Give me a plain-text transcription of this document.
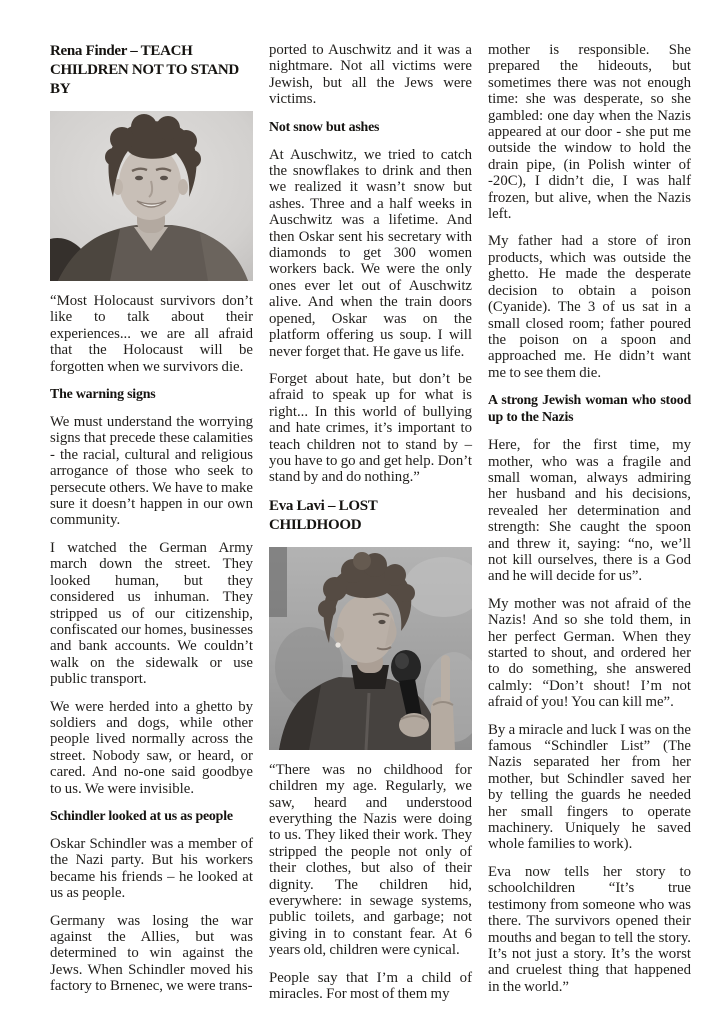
Rena Finder – TEACH CHILDREN NOT TO STAND BY

“Most Holocaust survivors don’t like to talk about their experiences... we are all afraid that the Holocaust will be forgotten when we survivors die.

The warning signs

We must understand the worrying signs that precede these calamities - the racial, cultural and religious arrogance of those who seek to persecute others. We have to make sure it doesn’t happen in our own community.

I watched the German Army march down the street. They looked human, but they considered us inhuman. They stripped us of our citizenship, confiscated our homes, businesses and bank accounts. We couldn’t walk on the sidewalk or use public transport.

We were herded into a ghetto by soldiers and dogs, while other people lived normally across the street. Nobody saw, or heard, or cared. And no-one said goodbye to us. We were invisible.

Schindler looked at us as people

Oskar Schindler was a member of the Nazi party. But his workers became his friends – he looked at us as people.

Germany was losing the war against the Allies, but was determined to win against the Jews. When Schindler moved his factory to Brnenec, we were trans-

ported to Auschwitz and it was a nightmare. Not all victims were Jewish, but all the Jews were victims.

Not snow but ashes

At Auschwitz, we tried to catch the snowflakes to drink and then we realized it wasn’t snow but ashes. Three and a half weeks in Auschwitz was a lifetime. And then Oskar sent his secretary with diamonds to get 300 women workers back. We were the only ones ever let out of Auschwitz alive. And when the train doors opened, Oskar was on the platform offering us soup. I will never forget that. He gave us life.

Forget about hate, but don’t be afraid to speak up for what is right... In this world of bullying and hate crimes, it’s important to teach children not to stand by – you have to go and get help. Don’t stand by and do nothing.”

Eva Lavi – LOST CHILDHOOD

“There was no childhood for children my age. Regularly, we saw, heard and understood everything the Nazis were doing to us. They liked their work. They stripped the people not only of their clothes, but also of their dignity. The children hid, everywhere: in sewage systems, public toilets, and garbage; not giving in to constant fear. At 6 years old, children were cynical.

People say that I’m a child of miracles. For most of them my

mother is responsible. She prepared the hideouts, but sometimes there was not enough time: she was desperate, so she gambled: one day when the Nazis appeared at our door - she put me outside the window to hold the drain pipe, (in Polish winter of -20C), I didn’t die, I was half frozen, but alive, when the Nazis left.

My father had a store of iron products, which was outside the ghetto. He made the desperate decision to obtain a poison (Cyanide). The 3 of us sat in a small closed room; father poured the poison on a spoon and approached me. He didn’t want me to see them die.

A strong Jewish woman who stood up to the Nazis

Here, for the first time, my mother, who was a fragile and small woman, always admiring her husband and his decisions, revealed her determination and strength: She caught the spoon and threw it, saying: “no, we’ll not kill ourselves, there is a God and he will decide for us”.

My mother was not afraid of the Nazis! And so she told them, in her perfect German. When they started to shout, and ordered her to do something, she answered calmly: “Don’t shout! I’m not afraid of you! You can kill me”.

By a miracle and luck I was on the famous “Schindler List” (The Nazis separated her from her mother, but Schindler saved her by telling the guards he needed her small fingers to operate machinery. Uniquely he saved whole families to work).

Eva now tells her story to schoolchildren “It’s true testimony from someone who was there. The survivors opened their mouths and began to tell the story. It’s not just a story. It’s the worst and cruelest thing that happened in the world.”
